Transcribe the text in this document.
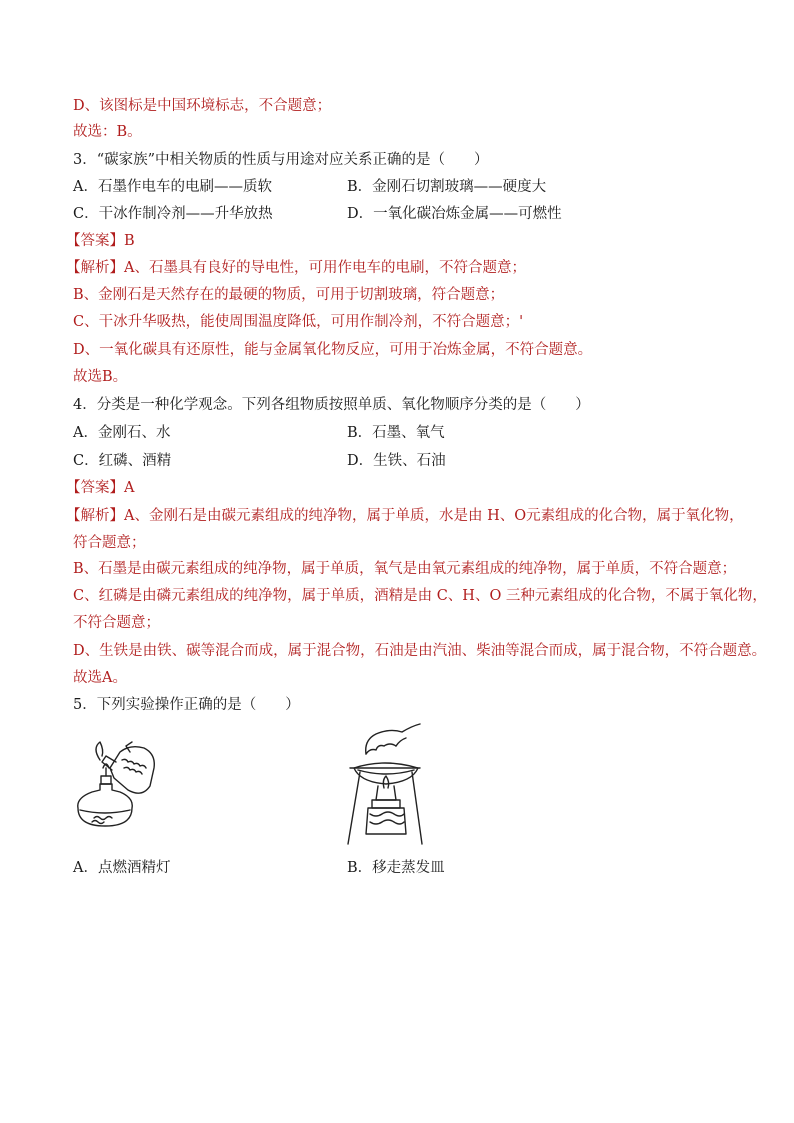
D、该图标是中国环境标志，不合题意；
故选：B。
3．“碳家族”中相关物质的性质与用途对应关系正确的是（　　）
A．石墨作电车的电刷——质软	B．金刚石切割玻璃——硬度大
C．干冰作制冷剂——升华放热	D．一氧化碳冶炼金属——可燃性
【答案】B
【解析】A、石墨具有良好的导电性，可用作电车的电刷，不符合题意；
B、金刚石是天然存在的最硬的物质，可用于切割玻璃，符合题意；
C、干冰升华吸热，能使周围温度降低，可用作制冷剂，不符合题意；'
D、一氧化碳具有还原性，能与金属氧化物反应，可用于冶炼金属，不符合题意。
故选B。
4．分类是一种化学观念。下列各组物质按照单质、氧化物顺序分类的是（　　）
A．金刚石、水	B．石墨、氧气
C．红磷、酒精	D．生铁、石油
【答案】A
【解析】A、金刚石是由碳元素组成的纯净物，属于单质，水是由 H、O元素组成的化合物，属于氧化物，
符合题意；
B、石墨是由碳元素组成的纯净物，属于单质，氧气是由氧元素组成的纯净物，属于单质，不符合题意；
C、红磷是由磷元素组成的纯净物，属于单质，酒精是由 C、H、O 三种元素组成的化合物，不属于氧化物，
不符合题意；
D、生铁是由铁、碳等混合而成，属于混合物，石油是由汽油、柴油等混合而成，属于混合物，不符合题意。
故选A。
5．下列实验操作正确的是（　　）
A．点燃酒精灯	B．移走蒸发皿
